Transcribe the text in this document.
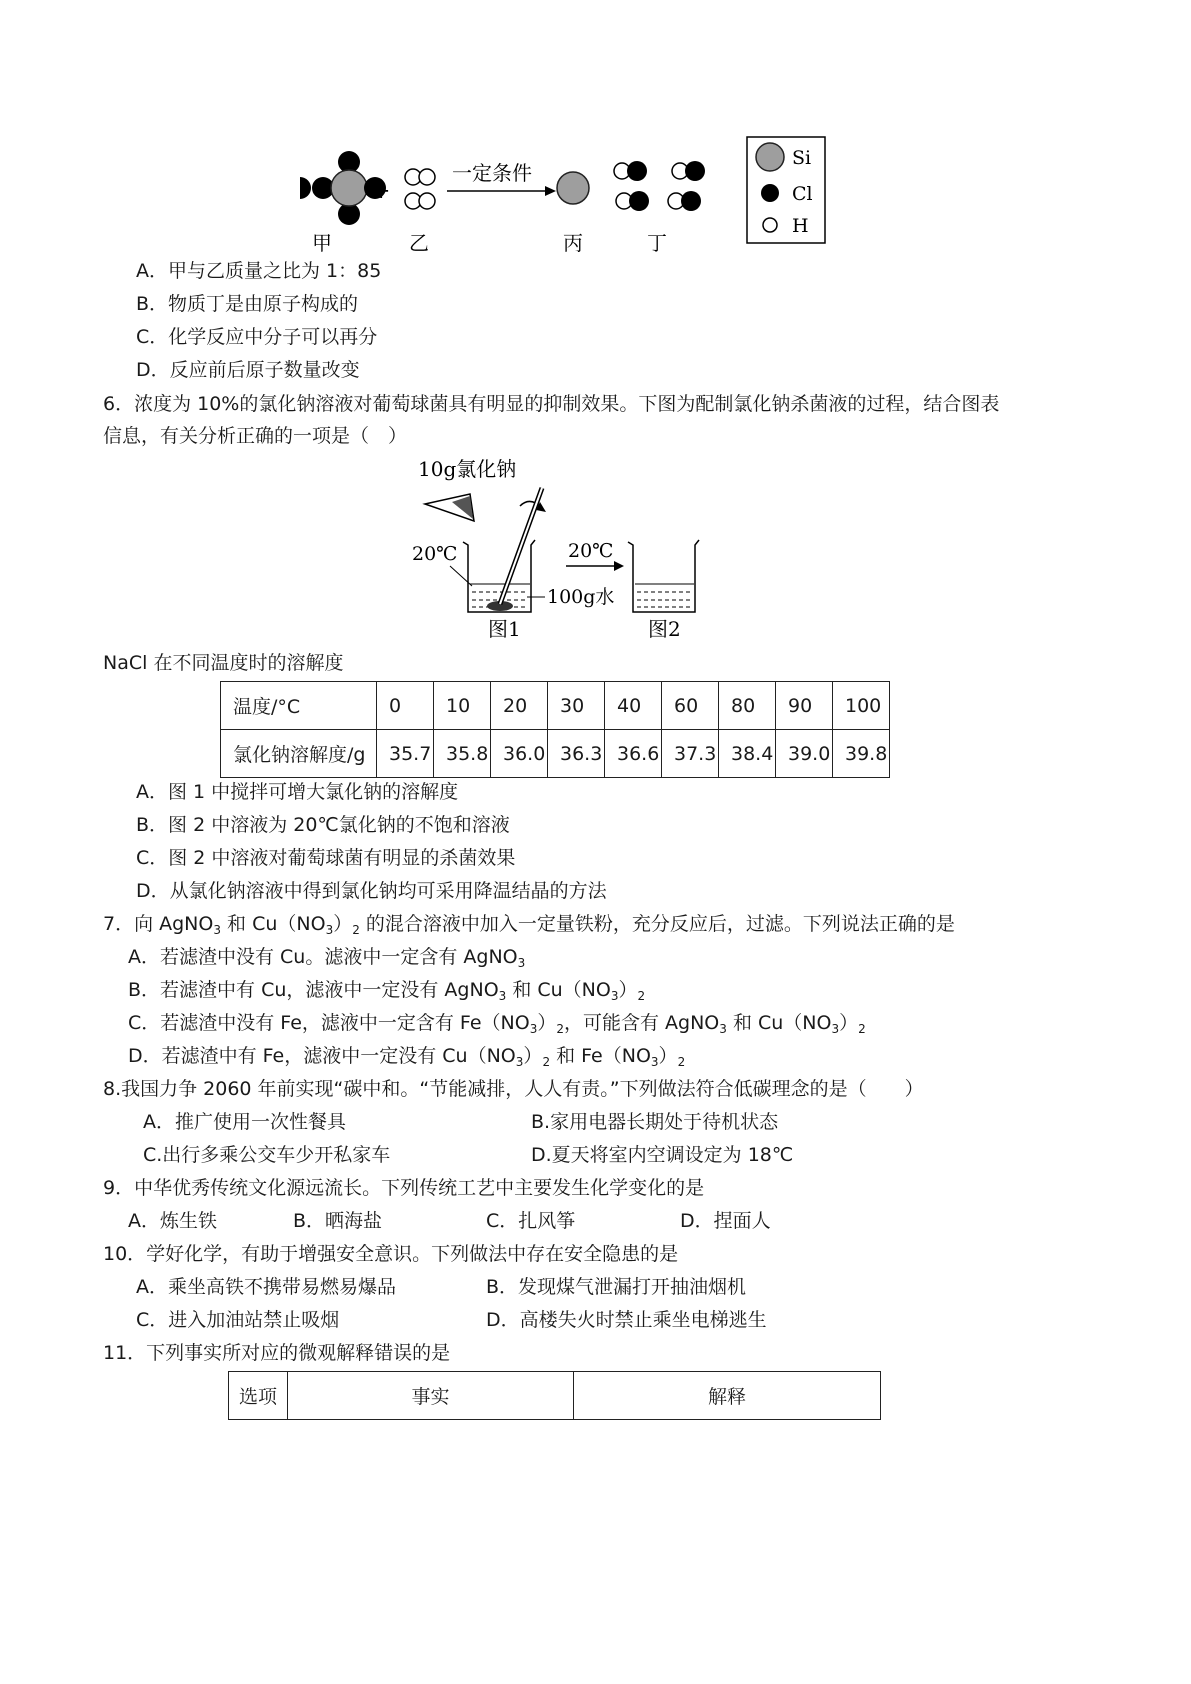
+
一定条件
甲	乙	丙	丁
Si
Cl
H
A．甲与乙质量之比为 1：85
B．物质丁是由原子构成的
C．化学反应中分子可以再分
D．反应前后原子数量改变
6．浓度为 10%的氯化钠溶液对葡萄球菌具有明显的抑制效果。下图为配制氯化钠杀菌液的过程，结合图表
信息，有关分析正确的一项是（　）
10g氯化钠
20℃
100g水
图1
20℃
图2
NaCl 在不同温度时的溶解度
温度/°C	0	10	20	30	40	60	80	90	100
氯化钠溶解度/g	35.7	35.8	36.0	36.3	36.6	37.3	38.4	39.0	39.8
A．图 1 中搅拌可增大氯化钠的溶解度
B．图 2 中溶液为 20℃氯化钠的不饱和溶液
C．图 2 中溶液对葡萄球菌有明显的杀菌效果
D．从氯化钠溶液中得到氯化钠均可采用降温结晶的方法
7．向 AgNO$_3$ 和 $Cu(NO_3)_2$ 的混合溶液中加入一定量铁粉，充分反应后，过滤。下列说法正确的是
A．若滤渣中没有 Cu。滤液中一定含有 AgNO$_3$
B．若滤渣中有 Cu，滤液中一定没有 AgNO$_3$ 和 $Cu(NO_3)_2$
C．若滤渣中没有 Fe，滤液中一定含有 $Fe(NO_3)_2$，可能含有 AgNO$_3$ 和 $Cu(NO_3)_2$
D．若滤渣中有 Fe，滤液中一定没有 $Cu(NO_3)_2$ 和 $Fe(NO_3)_2$
8.我国力争 2060 年前实现“碳中和。“节能减排，人人有责。”下列做法符合低碳理念的是（　　）
A．推广使用一次性餐具	B.家用电器长期处于待机状态
C.出行多乘公交车少开私家车	D.夏天将室内空调设定为 18℃
9．中华优秀传统文化源远流长。下列传统工艺中主要发生化学变化的是
A．炼生铁	B．晒海盐	C．扎风筝	D．捏面人
10．学好化学，有助于增强安全意识。下列做法中存在安全隐患的是
A．乘坐高铁不携带易燃易爆品	B．发现煤气泄漏打开抽油烟机
C．进入加油站禁止吸烟	D．高楼失火时禁止乘坐电梯逃生
11．下列事实所对应的微观解释错误的是
选项	事实	解释
